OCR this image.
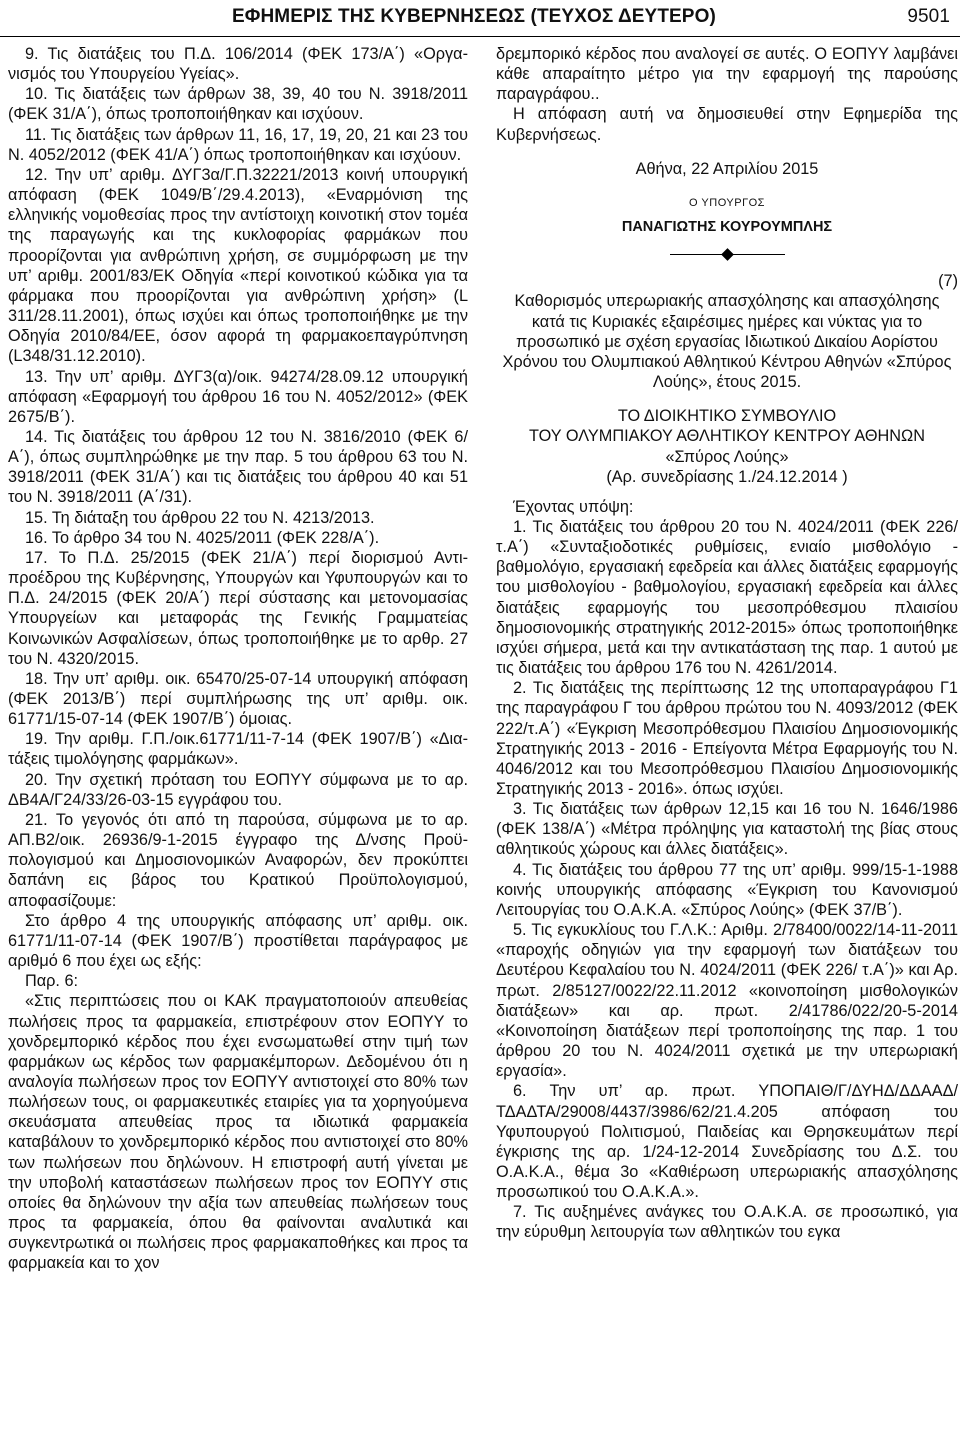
ΕΦΗΜΕΡΙΣ ΤΗΣ ΚΥΒΕΡΝΗΣΕΩΣ (ΤΕΥΧΟΣ ΔΕΥΤΕΡΟ)	9501

9. Τις διατάξεις του Π.Δ. 106/2014 (ΦΕΚ 173/Α΄) «Οργανισμός του Υπουργείου Υγείας».

10. Τις διατάξεις των άρθρων 38, 39, 40 του Ν. 3918/2011 (ΦΕΚ 31/Α΄), όπως τροποποιήθηκαν και ισχύουν.

11. Τις διατάξεις των άρθρων 11, 16, 17, 19, 20, 21 και 23 του Ν. 4052/2012 (ΦΕΚ 41/Α΄) όπως τροποποιήθηκαν και ισχύουν.

12. Την υπ’ αριθμ. ΔΥΓ3α/Γ.Π.32221/2013 κοινή υπουργική απόφαση (ΦΕΚ 1049/Β΄/29.4.2013), «Εναρμόνιση της ελληνικής νομοθεσίας προς την αντίστοιχη κοινοτική στον τομέα της παραγωγής και της κυκλοφορίας φαρμάκων που προορίζονται για ανθρώπινη χρήση, σε συμμόρφωση με την υπ’ αριθμ. 2001/83/ΕΚ Οδηγία «περί κοινοτικού κώδικα για τα φάρμακα που προορίζονται για ανθρώπινη χρήση» (L 311/28.11.2001), όπως ισχύει και όπως τροποποιήθηκε με την Οδηγία 2010/84/ΕΕ, όσον αφορά τη φαρμακοεπαγρύπνηση (L348/31.12.2010).

13. Την υπ’ αριθμ. ΔΥΓ3(α)/οικ. 94274/28.09.12 υπουργική απόφαση «Εφαρμογή του άρθρου 16 του Ν. 4052/2012» (ΦΕΚ 2675/Β΄).

14. Τις διατάξεις του άρθρου 12 του Ν. 3816/2010 (ΦΕΚ 6/Α΄), όπως συμπληρώθηκε με την παρ. 5 του άρθρου 63 του Ν. 3918/2011 (ΦΕΚ 31/Α΄) και τις διατάξεις του άρθρου 40 και 51 του Ν. 3918/2011 (Α΄/31).

15. Τη διάταξη του άρθρου 22 του Ν. 4213/2013.

16. Το άρθρο 34 του Ν. 4025/2011 (ΦΕΚ 228/Α΄).

17. Το Π.Δ. 25/2015 (ΦΕΚ 21/Α΄) περί διορισμού Αντιπροέδρου της Κυβέρνησης, Υπουργών και Υφυπουργών και το Π.Δ. 24/2015 (ΦΕΚ 20/Α΄) περί σύστασης και μετονομασίας Υπουργείων και μεταφοράς της Γενικής Γραμματείας Κοινωνικών Ασφαλίσεων, όπως τροποποιήθηκε με το αρθρ. 27 του Ν. 4320/2015.

18. Την υπ’ αριθμ. οικ. 65470/25-07-14 υπουργική απόφαση (ΦΕΚ 2013/Β΄) περί συμπλήρωσης της υπ’ αριθμ. οικ. 61771/15-07-14 (ΦΕΚ 1907/Β΄) όμοιας.

19. Την αριθμ. Γ.Π./οικ.61771/11-7-14 (ΦΕΚ 1907/Β΄) «Διατάξεις τιμολόγησης φαρμάκων».

20. Την σχετική πρόταση του ΕΟΠΥΥ σύμφωνα με το αρ. ΔΒ4Α/Γ24/33/26-03-15 εγγράφου του.

21. Το γεγονός ότι από τη παρούσα, σύμφωνα με το αρ. ΑΠ.Β2/οικ. 26936/9-1-2015 έγγραφο της Δ/νσης Προϋπολογισμού και Δημοσιονομικών Αναφορών, δεν προκύπτει δαπάνη εις βάρος του Κρατικού Προϋπολογισμού, αποφασίζουμε:

Στο άρθρο 4 της υπουργικής απόφασης υπ’ αριθμ. οικ. 61771/11-07-14 (ΦΕΚ 1907/Β΄) προστίθεται παράγραφος με αριθμό 6 που έχει ως εξής:

Παρ. 6:

«Στις περιπτώσεις που οι ΚΑΚ πραγματοποιούν απευθείας πωλήσεις προς τα φαρμακεία, επιστρέφουν στον ΕΟΠΥΥ το χονδρεμπορικό κέρδος που έχει ενσωματωθεί στην τιμή των φαρμάκων ως κέρδος των φαρμακέμπορων. Δεδομένου ότι η αναλογία πωλήσεων προς τον ΕΟΠΥΥ αντιστοιχεί στο 80% των πωλήσεων τους, οι φαρμακευτικές εταιρίες για τα χορηγούμενα σκευάσματα απευθείας προς τα ιδιωτικά φαρμακεία καταβάλουν το χονδρεμπορικό κέρδος που αντιστοιχεί στο 80% των πωλήσεων που δηλώνουν. Η επιστροφή αυτή γίνεται με την υποβολή καταστάσεων πωλήσεων προς τον ΕΟΠΥΥ στις οποίες θα δηλώνουν την αξία των απευθείας πωλήσεων τους προς τα φαρμακεία, όπου θα φαίνονται αναλυτικά και συγκεντρωτικά οι πωλήσεις προς φαρμακαποθήκες και προς τα φαρμακεία και το χον

δρεμπορικό κέρδος που αναλογεί σε αυτές. Ο ΕΟΠΥΥ λαμβάνει κάθε απαραίτητο μέτρο για την εφαρμογή της παρούσης παραγράφου..

Η απόφαση αυτή να δημοσιευθεί στην Εφημερίδα της Κυβερνήσεως.

Αθήνα, 22 Απριλίου 2015

Ο ΥΠΟΥΡΓΟΣ

ΠΑΝΑΓΙΩΤΗΣ ΚΟΥΡΟΥΜΠΛΗΣ

(7)

Καθορισμός υπερωριακής απασχόλησης και απασχόλησης κατά τις Κυριακές εξαιρέσιμες ημέρες και νύκτας για το προσωπικό με σχέση εργασίας Ιδιωτικού Δικαίου Αορίστου Χρόνου του Ολυμπιακού Αθλητικού Κέντρου Αθηνών «Σπύρος Λούης», έτους 2015.

ΤΟ ΔΙΟΙΚΗΤΙΚΟ ΣΥΜΒΟΥΛΙΟ

ΤΟΥ ΟΛΥΜΠΙΑΚΟΥ ΑΘΛΗΤΙΚΟΥ ΚΕΝΤΡΟΥ ΑΘΗΝΩΝ

«Σπύρος Λούης»

(Αρ. συνεδρίασης 1./24.12.2014 )

Έχοντας υπόψη:

1. Τις διατάξεις του άρθρου 20 του Ν. 4024/2011 (ΦΕΚ 226/τ.Α΄) «Συνταξιοδοτικές ρυθμίσεις, ενιαίο μισθολόγιο - βαθμολόγιο, εργασιακή εφεδρεία και άλλες διατάξεις εφαρμογής του μισθολογίου - βαθμολογίου, εργασιακή εφεδρεία και άλλες διατάξεις εφαρμογής του μεσοπρόθεσμου πλαισίου δημοσιονομικής στρατηγικής 2012-2015» όπως τροποποιήθηκε ισχύει σήμερα, μετά και την αντικατάσταση της παρ. 1 αυτού με τις διατάξεις του άρθρου 176 του Ν. 4261/2014.

2. Τις διατάξεις της περίπτωσης 12 της υποπαραγράφου Γ1 της παραγράφου Γ του άρθρου πρώτου του Ν. 4093/2012 (ΦΕΚ 222/τ.Α΄) «Έγκριση Μεσοπρόθεσμου Πλαισίου Δημοσιονομικής Στρατηγικής 2013 - 2016 - Επείγοντα Μέτρα Εφαρμογής του Ν. 4046/2012 και του Μεσοπρόθεσμου Πλαισίου Δημοσιονομικής Στρατηγικής 2013 - 2016». όπως ισχύει.

3. Τις διατάξεις των άρθρων 12,15 και 16 του Ν. 1646/1986 (ΦΕΚ 138/Α΄) «Μέτρα πρόληψης για καταστολή της βίας στους αθλητικούς χώρους και άλλες διατάξεις».

4. Τις διατάξεις του άρθρου 77 της υπ’ αριθμ. 999/15-1-1988 κοινής υπουργικής απόφασης «Έγκριση του Κανονισμού Λειτουργίας του Ο.Α.Κ.Α. «Σπύρος Λούης» (ΦΕΚ 37/Β΄).

5. Τις εγκυκλίους του Γ.Λ.Κ.: Αριθμ. 2/78400/0022/14-11-2011 «παροχής οδηγιών για την εφαρμογή των διατάξεων του Δευτέρου Κεφαλαίου του Ν. 4024/2011 (ΦΕΚ 226/ τ.Α΄)» και Αρ. πρωτ. 2/85127/0022/22.11.2012 «κοινοποίηση μισθολογικών διατάξεων» και αρ. πρωτ. 2/41786/022/20-5-2014 «Κοινοποίηση διατάξεων περί τροποποίησης της παρ. 1 του άρθρου 20 του Ν. 4024/2011 σχετικά με την υπερωριακή εργασία».

6. Την υπ’ αρ. πρωτ. ΥΠΟΠΑΙΘ/Γ/ΔΥΗΔ/ΔΔΑΑΔ/ΤΔΑΔΤΑ/29008/4437/3986/62/21.4.205 απόφαση του Υφυπουργού Πολιτισμού, Παιδείας και Θρησκευμάτων περί έγκρισης της αρ. 1/24-12-2014 Συνεδρίασης του Δ.Σ. του Ο.Α.Κ.Α., θέμα 3ο «Καθιέρωση υπερωριακής απασχόλησης προσωπικού του Ο.Α.Κ.Α.».

7. Τις αυξημένες ανάγκες του Ο.Α.Κ.Α. σε προσωπικό, για την εύρυθμη λειτουργία των αθλητικών του εγκα
